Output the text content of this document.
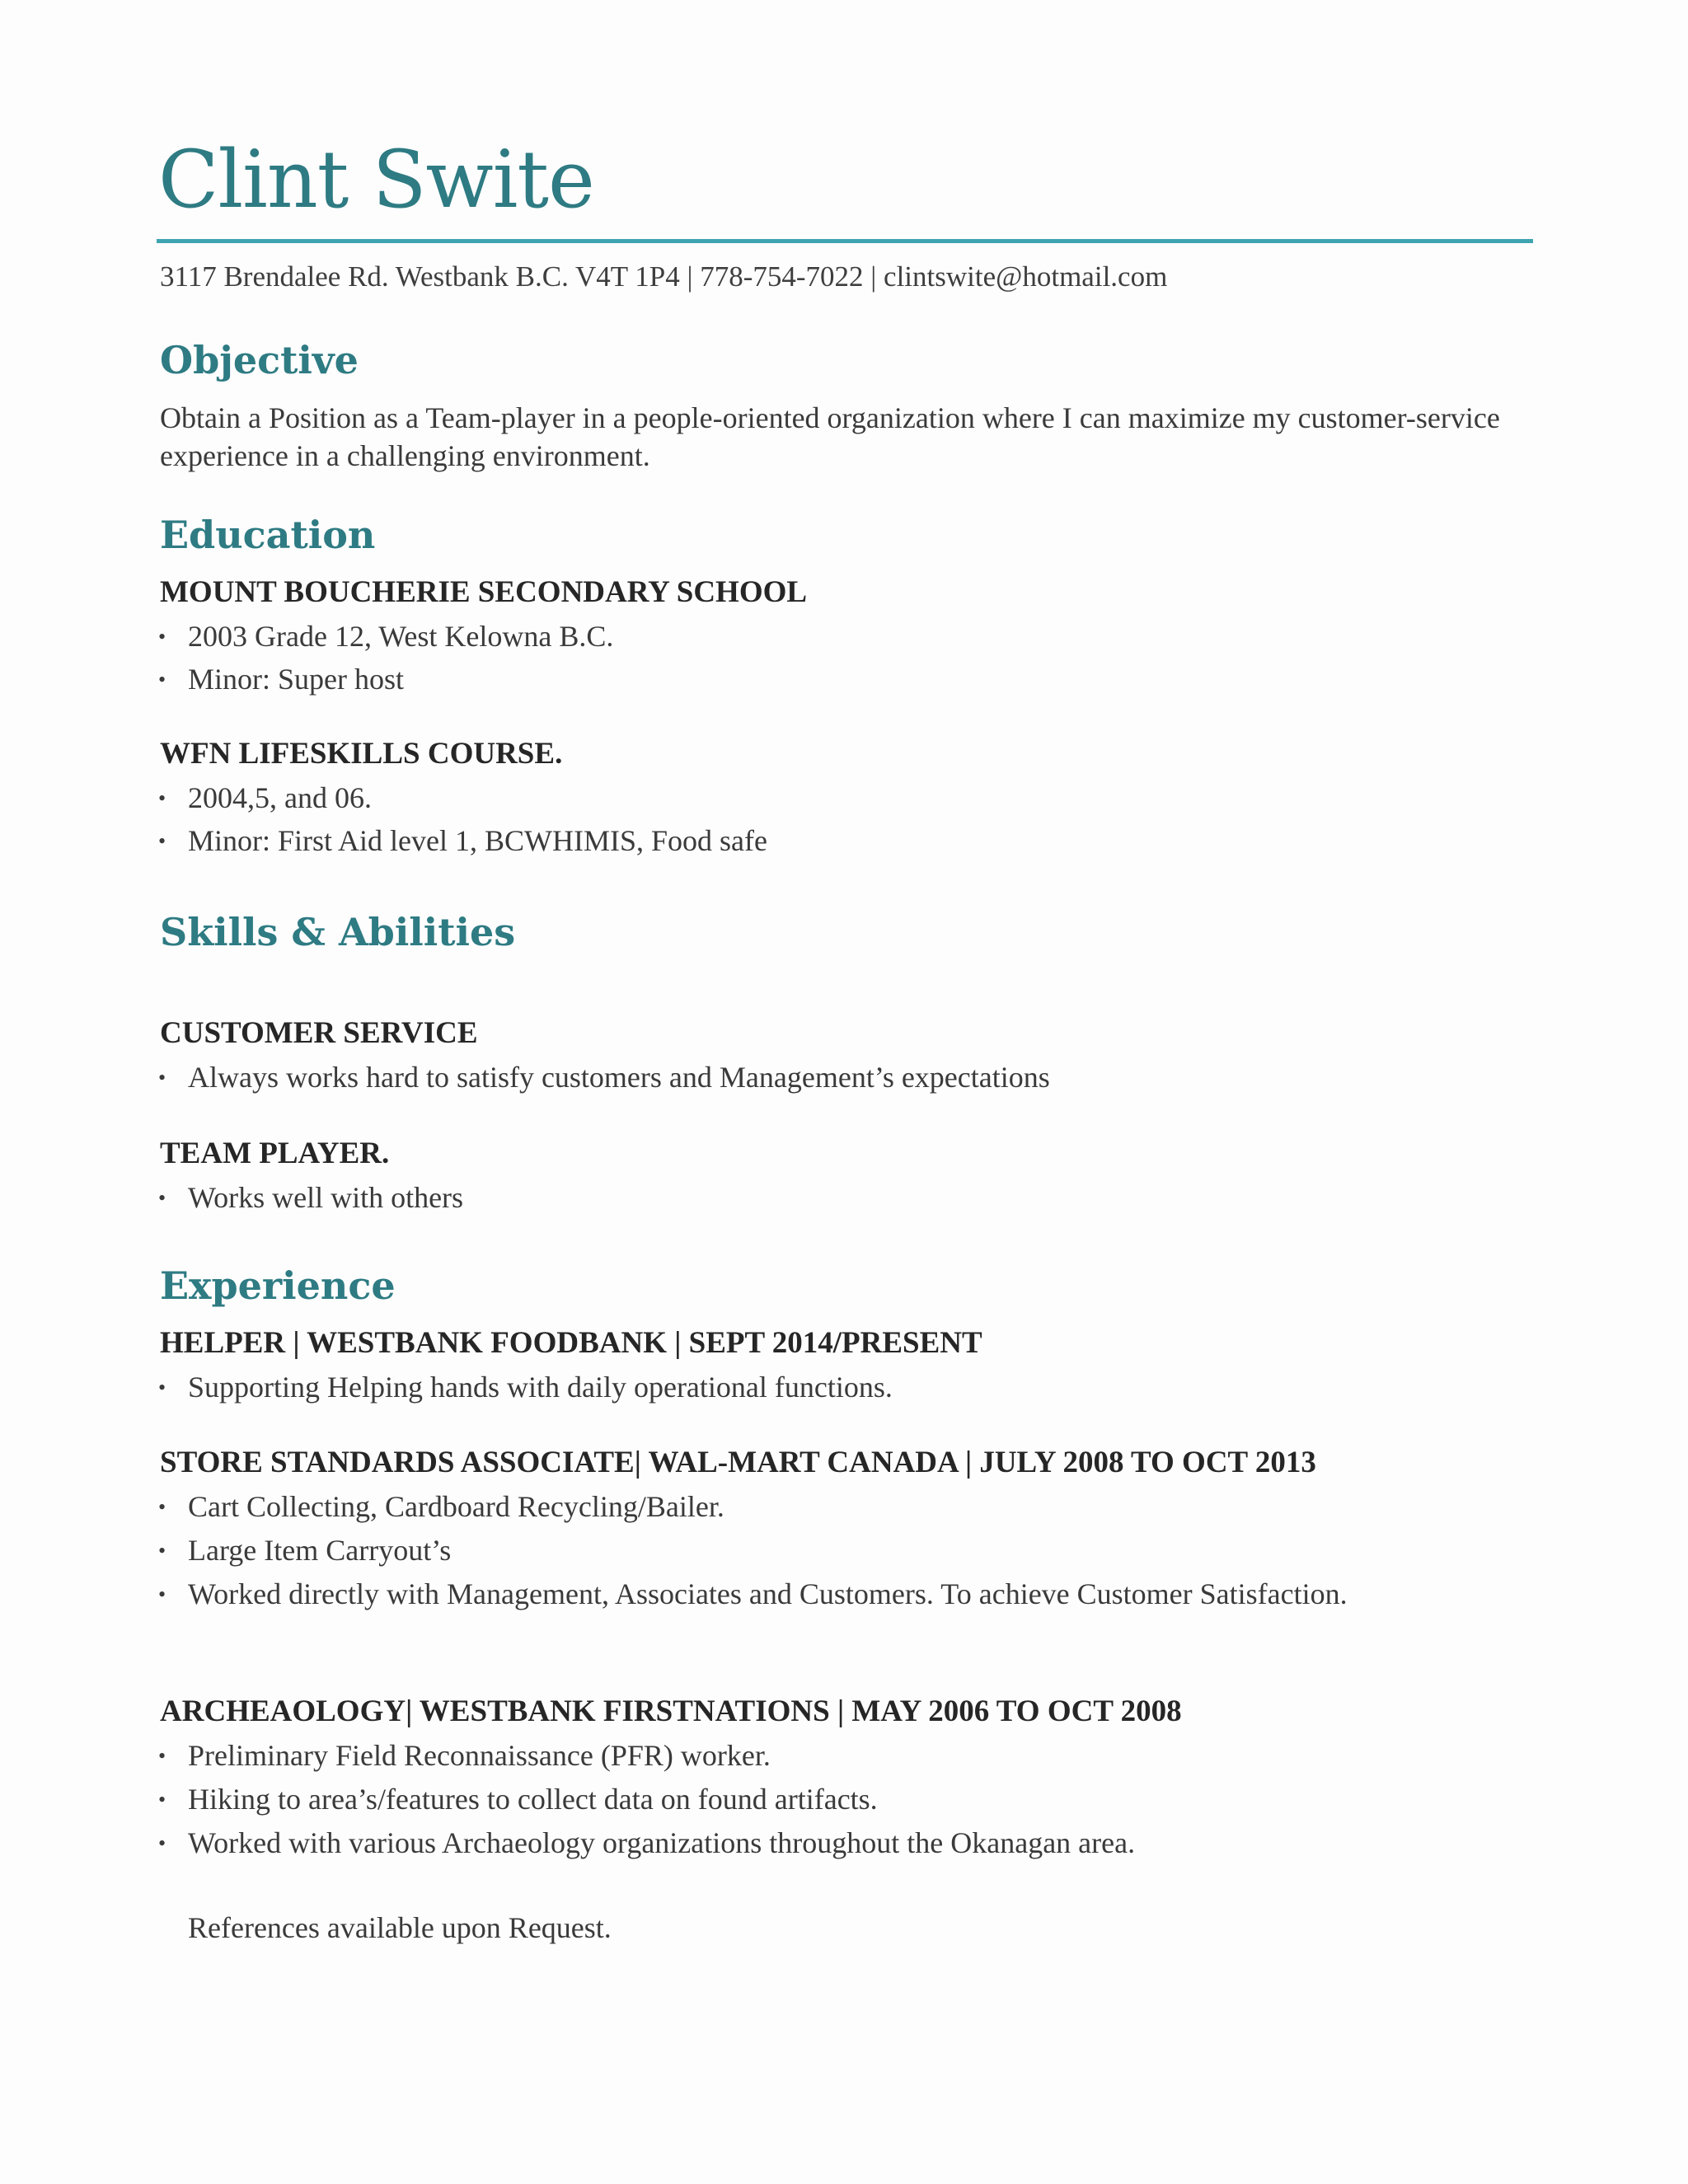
Clint Swite
3117 Brendalee Rd. Westbank B.C. V4T 1P4 | 778-754-7022 | clintswite@hotmail.com
Objective
Obtain a Position as a Team-player in a people-oriented organization where I can maximize my customer-service experience in a challenging environment.
Education
MOUNT BOUCHERIE SECONDARY SCHOOL
• 2003 Grade 12, West Kelowna B.C.
• Minor: Super host
WFN LIFESKILLS COURSE.
• 2004,5, and 06.
• Minor: First Aid level 1, BCWHIMIS, Food safe
Skills & Abilities
CUSTOMER SERVICE
• Always works hard to satisfy customers and Management’s expectations
TEAM PLAYER.
• Works well with others
Experience
HELPER | WESTBANK FOODBANK | SEPT 2014/PRESENT
• Supporting Helping hands with daily operational functions.
STORE STANDARDS ASSOCIATE| WAL-MART CANADA | JULY 2008 TO OCT 2013
• Cart Collecting, Cardboard Recycling/Bailer.
• Large Item Carryout’s
• Worked directly with Management, Associates and Customers. To achieve Customer Satisfaction.
ARCHEAOLOGY| WESTBANK FIRSTNATIONS | MAY 2006 TO OCT 2008
• Preliminary Field Reconnaissance (PFR) worker.
• Hiking to area’s/features to collect data on found artifacts.
• Worked with various Archaeology organizations throughout the Okanagan area.
References available upon Request.
